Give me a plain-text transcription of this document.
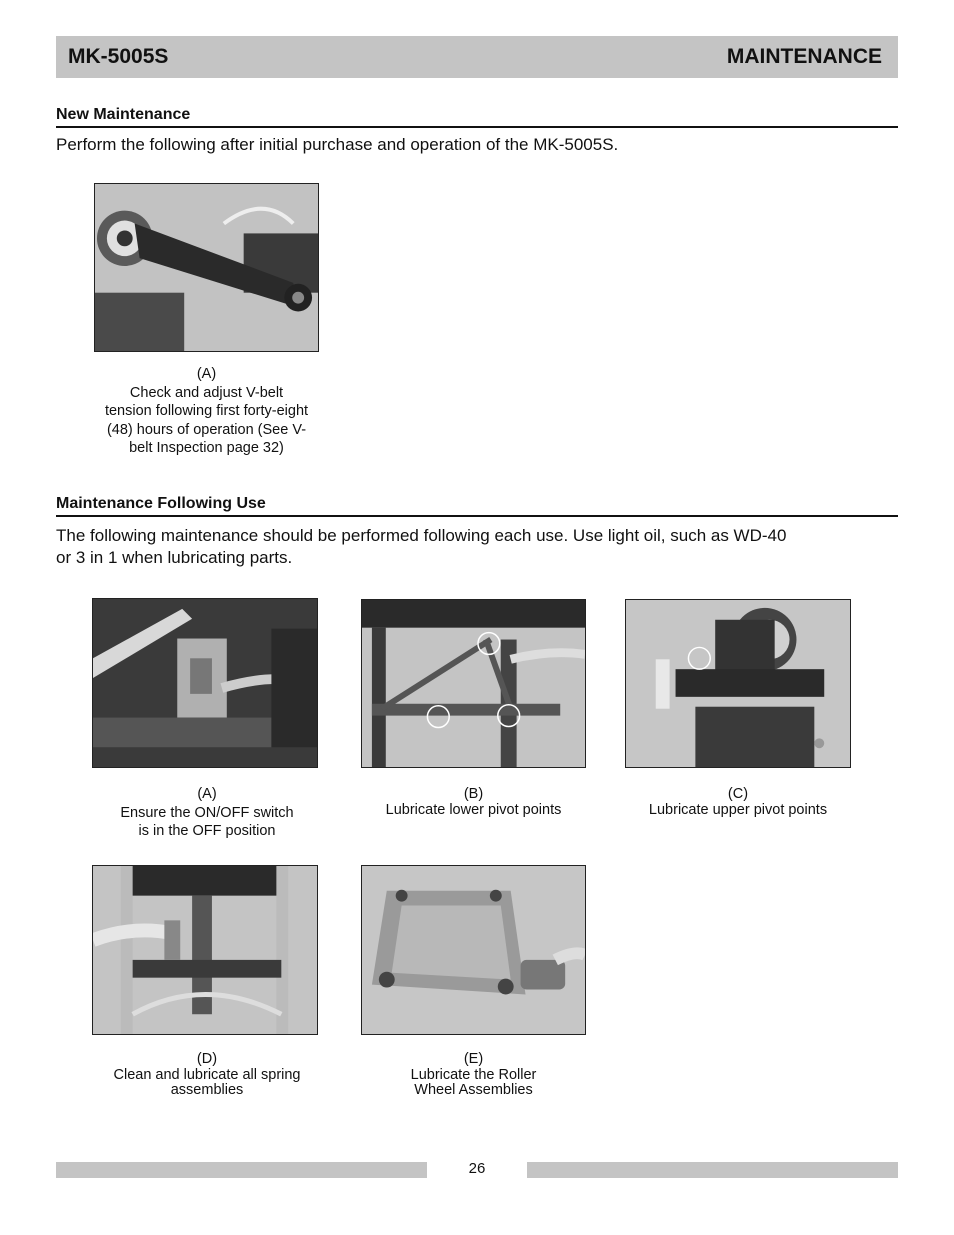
MK-5005S	MAINTENANCE
New Maintenance
Perform the following after initial purchase and operation of the MK-5005S.
(A)
Check and adjust V-belt
tension following first forty-eight
(48) hours of operation (See V-
belt Inspection page 32)
Maintenance Following Use
The following maintenance should be performed following each use. Use light oil, such as WD-40
or 3 in 1 when lubricating parts.
(A)
Ensure the ON/OFF switch
is in the OFF position
(B)
Lubricate lower pivot points
(C)
Lubricate upper pivot points
(D)
Clean and lubricate all spring
assemblies
(E)
Lubricate the Roller
Wheel Assemblies
26
